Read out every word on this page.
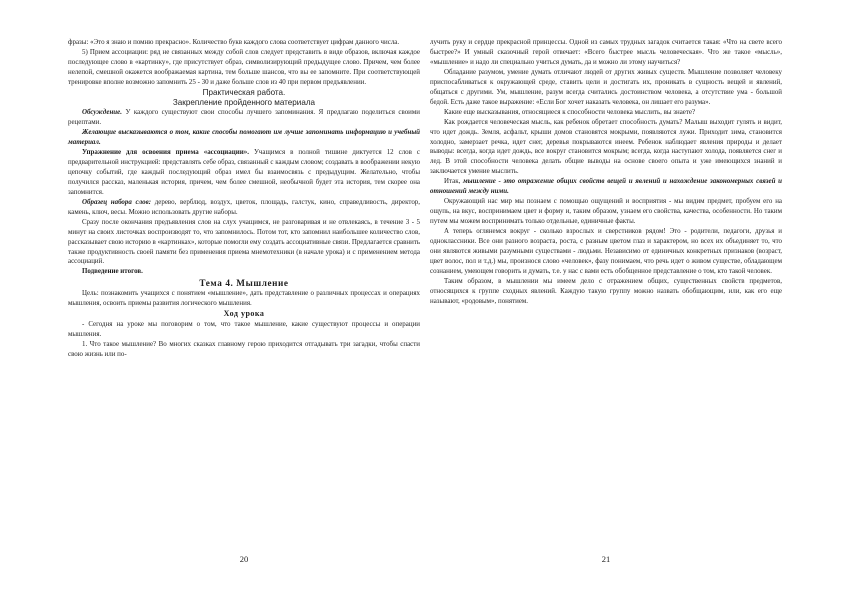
фразы: «Это я знаю и помню прекрасно». Количество букв каждого слова соответствует цифрам данного числа.

5) Прием ассоциации: ряд не связанных между собой слов следует представить в виде образов, включая каждое последующее слово в «картинку», где присутствует образ, символизирующий предыдущее слово. Причем, чем более нелепой, смешной окажется воображаемая картина, тем больше шансов, что вы ее запомните. При соответствующей тренировке вполне возможно запомнить 25 - 30 и даже больше слов из 40 при первом предъявлении.

Практическая работа.

Закрепление пройденного материала

Обсуждение. У каждого существуют свои способы лучшего запоминания. Я предлагаю поделиться своими рецептами.

Желающие высказываются о том, какие способы помогают им лучше запоминать информацию и учебный материал.

Упражнение для освоения приема «ассоциации». Учащимся в полной тишине диктуется 12 слов с предварительной инструкцией: представлять себе образ, связанный с каждым словом; создавать в воображении некую цепочку событий, где каждый последующий образ имел бы взаимосвязь с предыдущим. Желательно, чтобы получился рассказ, маленькая история, причем, чем более смешной, необычной будет эта история, тем скорее она запомнится.

Образец набора слов: дерево, верблюд, воздух, цветок, площадь, галстук, кино, справедливость, директор, камень, ключ, весы. Можно использовать другие наборы.

Сразу после окончания предъявления слов на слух учащимся, не разговаривая и не отвлекаясь, в течение 3 - 5 минут на своих листочках воспроизводят то, что запомнилось. Потом тот, кто запомнил наибольшее количество слов, рассказывает свою историю в «картинках», которые помогли ему создать ассоциативные связи. Предлагается сравнить также продуктивность своей памяти без применения приема мнемотехники (в начале урока) и с применением метода ассоциаций.

Подведение итогов.

Тема 4. Мышление

Цель: познакомить учащихся с понятием «мышление», дать представление о различных процессах и операциях мышления, освоить приемы развития логического мышления.

Ход урока

- Сегодня на уроке мы поговорим о том, что такое мышление, какие существуют процессы и операции мышления.

1. Что такое мышление? Во многих сказках главному герою приходится отгадывать три загадки, чтобы спасти свою жизнь или по-

20

лучить руку и сердце прекрасной принцессы. Одной из самых трудных загадок считается такая: «Что на свете всего быстрее?» И умный сказочный герой отвечает: «Всего быстрее мысль человеческая». Что же такое «мысль», «мышление» и надо ли специально учиться думать, да и можно ли этому научиться?

Обладание разумом, умение думать отличают людей от других живых существ. Мышление позволяет человеку приспосабливаться к окружающей среде, ставить цели и достигать их, проникать в сущность вещей и явлений, общаться с другими. Ум, мышление, разум всегда считались достоинством человека, а отсутствие ума - большой бедой. Есть даже такое выражение: «Если Бог хочет наказать человека, он лишает его разума».

Какие еще высказывания, относящиеся к способности человека мыслить, вы знаете?

Как рождается человеческая мысль, как ребенок обретает способность думать? Малыш выходит гулять и видит, что идет дождь. Земля, асфальт, крыши домов становятся мокрыми, появляются лужи. Приходит зима, становится холодно, замерзает речка, идет снег, деревья покрываются инеем. Ребенок наблюдает явления природы и делает выводы: всегда, когда идет дождь, все вокруг становится мокрым; всегда, когда наступают холода, появляется снег и лед. В этой способности человека делать общие выводы на основе своего опыта и уже имеющихся знаний и заключается умение мыслить.

Итак, мышление - это отражение общих свойств вещей и явлений и нахождение закономерных связей и отношений между ними.

Окружающий нас мир мы познаем с помощью ощущений и восприятия - мы видим предмет, пробуем его на ощупь, на вкус, воспринимаем цвет и форму и, таким образом, узнаем его свойства, качества, особенности. Но таким путем мы можем воспринимать только отдельные, единичные факты.

А теперь оглянемся вокруг - сколько взрослых и сверстников рядом! Это - родители, педагоги, друзья и одноклассники. Все они разного возраста, роста, с разным цветом глаз и характером, но всех их объединяет то, что они являются живыми разумными существами - людьми. Независимо от единичных конкретных признаков (возраст, цвет волос, пол и т.д.) мы, произнося слово «человек», фазу понимаем, что речь идет о живом существе, обладающем сознанием, умеющем говорить и думать, т.е. у нас с вами есть обобщенное представление о том, кто такой человек.

Таким образом, в мышлении мы имеем дело с отражением общих, существенных свойств предметов, относящихся к группе сходных явлений. Каждую такую группу можно назвать обобщающим, или, как его еще называют, «родовым», понятием.

21
